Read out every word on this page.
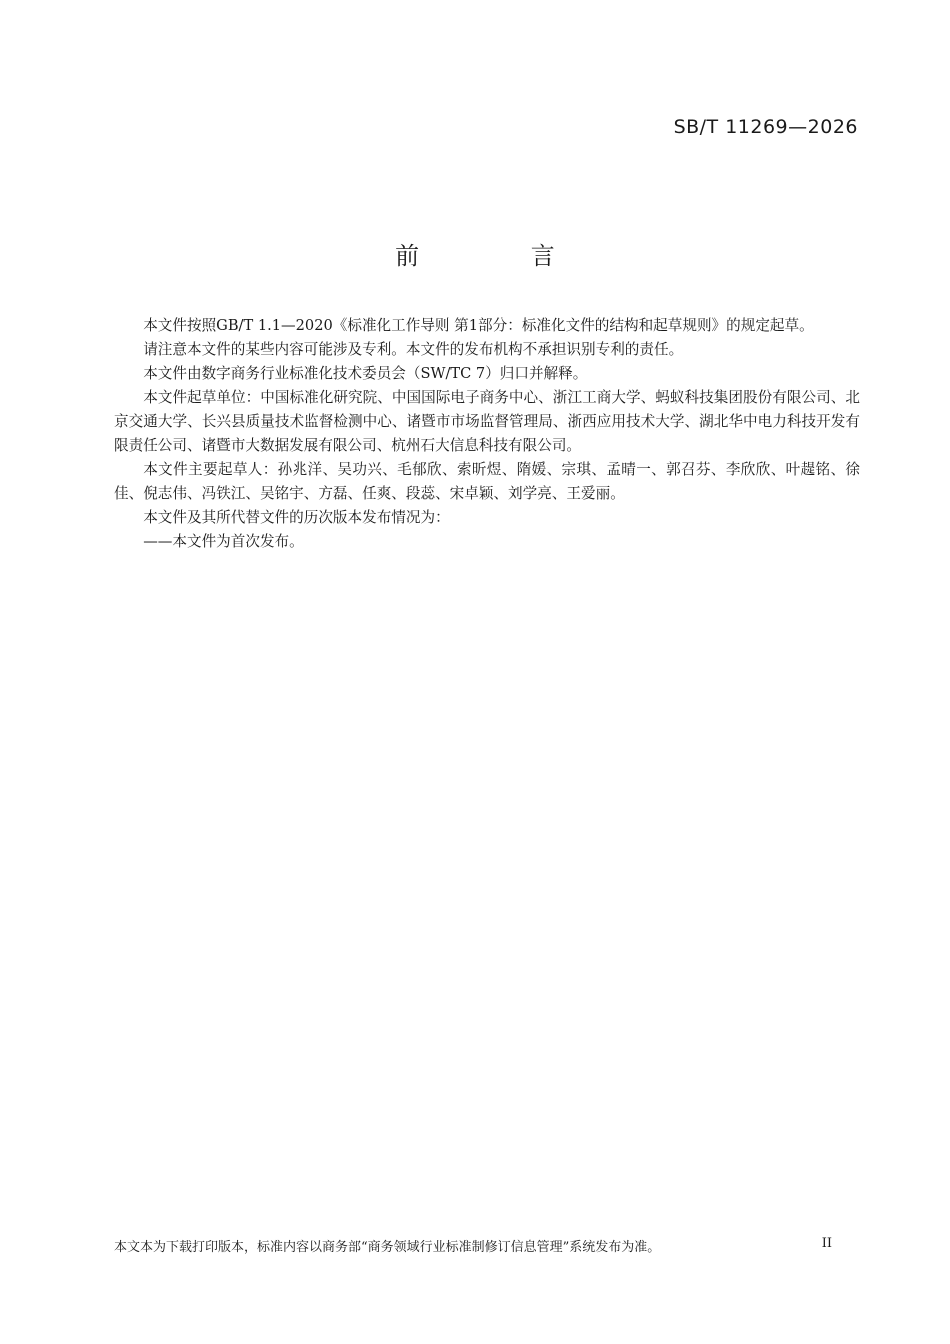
SB/T 11269—2026
前 言

本文件按照GB/T 1.1—2020《标准化工作导则 第1部分：标准化文件的结构和起草规则》的规定起草。

请注意本文件的某些内容可能涉及专利。本文件的发布机构不承担识别专利的责任。

本文件由数字商务行业标准化技术委员会（SW/TC 7）归口并解释。

本文件起草单位：中国标准化研究院、中国国际电子商务中心、浙江工商大学、蚂蚁科技集团股份有限公司、北京交通大学、长兴县质量技术监督检测中心、诸暨市市场监督管理局、浙西应用技术大学、湖北华中电力科技开发有限责任公司、诸暨市大数据发展有限公司、杭州石大信息科技有限公司。

本文件主要起草人：孙兆洋、吴功兴、毛郁欣、索昕煜、隋媛、宗琪、孟晴一、郭召芬、李欣欣、叶趧铭、徐佳、倪志伟、冯铁江、吴铭宇、方磊、任爽、段蕊、宋卓颖、刘学亮、王爱丽。

本文件及其所代替文件的历次版本发布情况为：

——本文件为首次发布。

本文本为下载打印版本，标准内容以商务部“商务领域行业标准制修订信息管理”系统发布为准。	II
